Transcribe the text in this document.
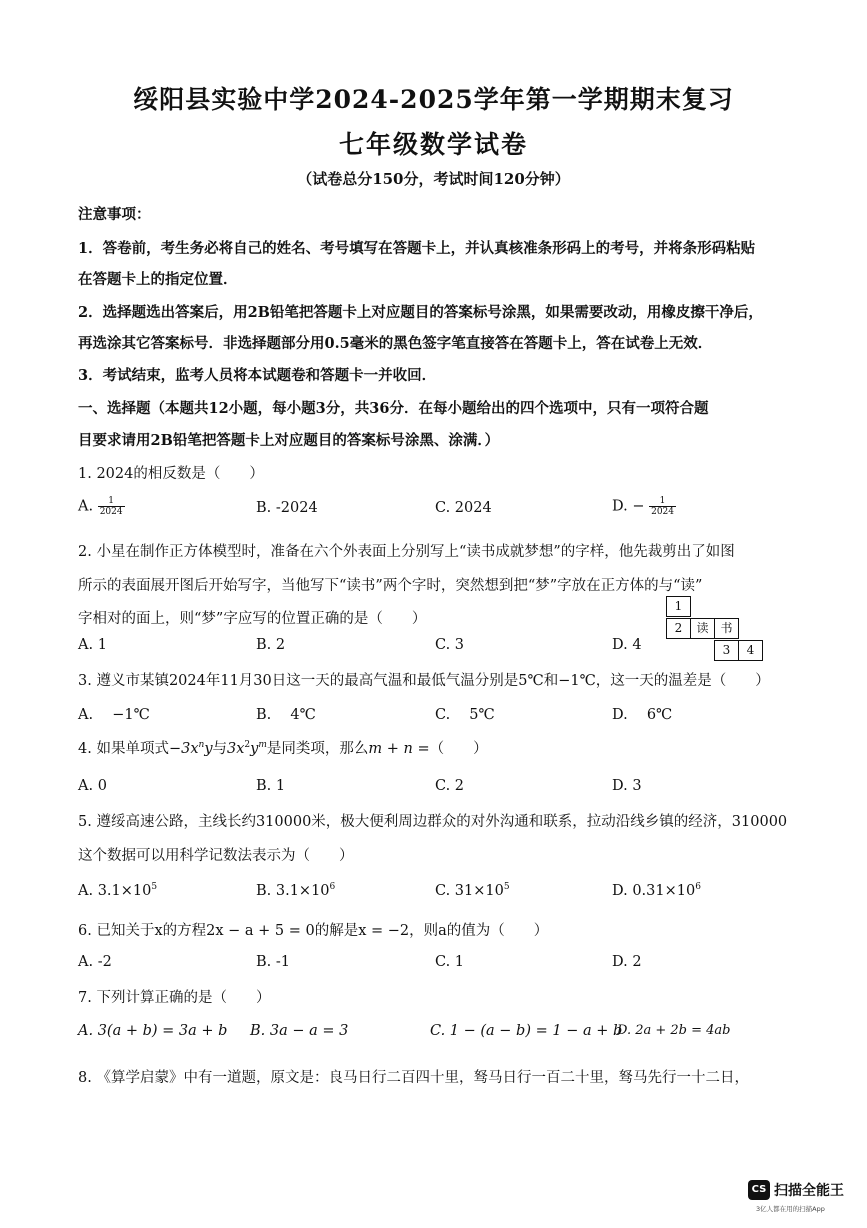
绥阳县实验中学2024-2025学年第一学期期末复习
七年级数学试卷
（试卷总分150分，考试时间120分钟）
注意事项：
1．答卷前，考生务必将自己的姓名、考号填写在答题卡上，并认真核准条形码上的考号，并将条形码粘贴
在答题卡上的指定位置．
2．选择题选出答案后，用2B铅笔把答题卡上对应题目的答案标号涂黑，如果需要改动，用橡皮擦干净后，
再选涂其它答案标号．非选择题部分用0.5毫米的黑色签字笔直接答在答题卡上，答在试卷上无效．
3．考试结束，监考人员将本试题卷和答题卡一并收回．
一、选择题（本题共12小题，每小题3分，共36分．在每小题给出的四个选项中，只有一项符合题
目要求请用2B铅笔把答题卡上对应题目的答案标号涂黑、涂满．）
1. 2024的相反数是（　　）
A. $\frac{1}{2024}$	B. -2024	C. 2024	D. − $\frac{1}{2024}$
2. 小星在制作正方体模型时，准备在六个外表面上分别写上“读书成就梦想”的字样，他先裁剪出了如图
所示的表面展开图后开始写字，当他写下“读书”两个字时，突然想到把“梦”字放在正方体的与“读”
字相对的面上，则“梦”字应写的位置正确的是（　　）
A. 1	B. 2	C. 3	D. 4
1
2	读 书
3	4
3. 遵义市某镇2024年11月30日这一天的最高气温和最低气温分别是5℃和−1℃，这一天的温差是（　　）
A.　 −1℃	B.　 4℃	C.　 5℃	D.　 6℃
4. 如果单项式$-3x^ny$与$3x^2y^m$是同类项，那么m + n =（　　）
A. 0	B. 1	C. 2	D. 3
5. 遵绥高速公路，主线长约310000米，极大便利周边群众的对外沟通和联系，拉动沿线乡镇的经济，310000
这个数据可以用科学记数法表示为（　　）
A. $3.1\times 10^5$	B. $3.1\times 10^6$	C. $31\times 10^5$	D. $0.31\times 10^6$
6. 已知关于x的方程2x − a + 5 = 0的解是x = −2，则a的值为（　　）
A. -2	B. -1	C. 1	D. 2
7. 下列计算正确的是（　　）
A. 3(a + b) = 3a + b B. 3a − a = 3	C. 1 − (a − b) = 1 − a + b
D. 2a + 2b = 4ab
8. 《算学启蒙》中有一道题，原文是：良马日行二百四十里，驽马日行一百二十里，驽马先行一十二日，
CS 扫描全能王
3亿人都在用的扫描App
